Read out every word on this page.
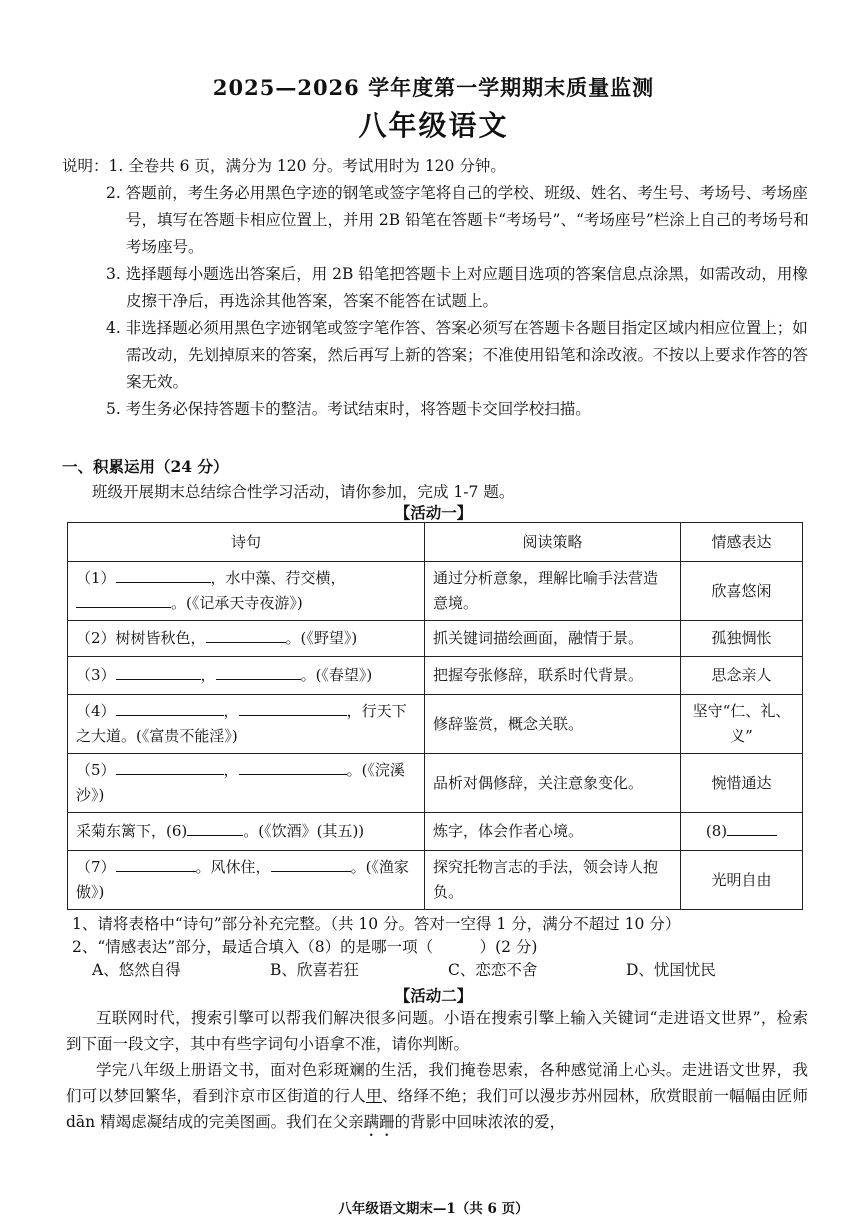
2025—2026 学年度第一学期期末质量监测
八年级语文
说明：1. 全卷共 6 页，满分为 120 分。考试用时为 120 分钟。
2. 答题前，考生务必用黑色字迹的钢笔或签字笔将自己的学校、班级、姓名、考生号、考场号、考场座号，填写在答题卡相应位置上，并用 2B 铅笔在答题卡“考场号”、“考场座号”栏涂上自己的考场号和考场座号。
3. 选择题每小题选出答案后，用 2B 铅笔把答题卡上对应题目选项的答案信息点涂黑，如需改动，用橡皮擦干净后，再选涂其他答案，答案不能答在试题上。
4. 非选择题必须用黑色字迹钢笔或签字笔作答、答案必须写在答题卡各题目指定区域内相应位置上；如需改动，先划掉原来的答案，然后再写上新的答案；不准使用铅笔和涂改液。不按以上要求作答的答案无效。
5. 考生务必保持答题卡的整洁。考试结束时，将答题卡交回学校扫描。
一、积累运用（24 分）
班级开展期末总结综合性学习活动，请你参加，完成 1-7 题。
【活动一】
诗句	阅读策略	情感表达
（1） ，水中藻、荇交横，
。(《记承天寺夜游》)	通过分析意象，理解比喻手法营造意境。	欣喜悠闲
（2）树树皆秋色， 。(《野望》)	抓关键词描绘画面，融情于景。	孤独惆怅
（3） ， 。(《春望》)	把握夸张修辞，联系时代背景。	思念亲人
（4） ， ，行天下之大道。(《富贵不能淫》)	修辞鉴赏，概念关联。	坚守“仁、礼、义”
（5） ， 。(《浣溪沙》)	品析对偶修辞，关注意象变化。	惋惜通达
采菊东篱下，(6) 。(《饮酒》(其五))	炼字，体会作者心境。	(8)
（7） 。风休住， 。(《渔家傲》)	探究托物言志的手法，领会诗人抱负。	光明自由
1、请将表格中“诗句”部分补充完整。（共 10 分。答对一空得 1 分，满分不超过 10 分）
2、“情感表达”部分，最适合填入（8）的是哪一项（　　　）(2 分)
A、悠然自得	B、欣喜若狂	C、恋恋不舍	D、忧国忧民
【活动二】
互联网时代，搜索引擎可以帮我们解决很多问题。小语在搜索引擎上输入关键词“走进语文世界”，检索到下面一段文字，其中有些字词句小语拿不准，请你判断。
学完八年级上册语文书，面对色彩斑斓的生活，我们掩卷思索，各种感觉涌上心头。走进语文世界，我们可以梦回繁华，看到汴京市区街道的行人甲、络绎不绝；我们可以漫步苏州园林，欣赏眼前一幅幅由匠师 dān 精竭虑凝结成的完美图画。我们在父亲蹒跚的背影中回味浓浓的爱，
八年级语文期末—1（共 6 页）
